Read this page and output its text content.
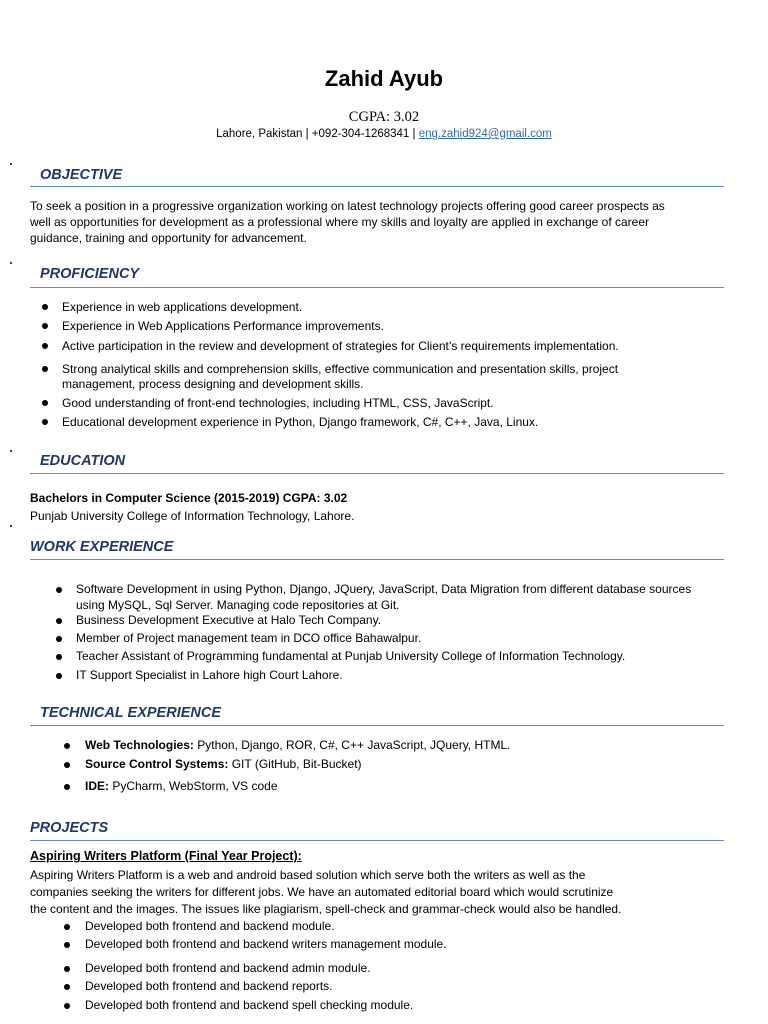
Zahid Ayub
CGPA: 3.02
Lahore, Pakistan | +092-304-1268341 | eng.zahid924@gmail.com
OBJECTIVE
To seek a position in a progressive organization working on latest technology projects offering good career prospects as
well as opportunities for development as a professional where my skills and loyalty are applied in exchange of career
guidance, training and opportunity for advancement.
PROFICIENCY
Experience in web applications development.
Experience in Web Applications Performance improvements.
Active participation in the review and development of strategies for Client’s requirements implementation.
Strong analytical skills and comprehension skills, effective communication and presentation skills, project
management, process designing and development skills.
Good understanding of front-end technologies, including HTML, CSS, JavaScript.
Educational development experience in Python, Django framework, C#, C++, Java, Linux.
EDUCATION
Bachelors in Computer Science (2015-2019) CGPA: 3.02
Punjab University College of Information Technology, Lahore.
WORK EXPERIENCE
Software Development in using Python, Django, JQuery, JavaScript, Data Migration from different database sources
using MySQL, Sql Server. Managing code repositories at Git.
Business Development Executive at Halo Tech Company.
Member of Project management team in DCO office Bahawalpur.
Teacher Assistant of Programming fundamental at Punjab University College of Information Technology.
IT Support Specialist in Lahore high Court Lahore.
TECHNICAL EXPERIENCE
Web Technologies: Python, Django, ROR, C#, C++ JavaScript, JQuery, HTML.
Source Control Systems: GIT (GitHub, Bit-Bucket)
IDE: PyCharm, WebStorm, VS code
PROJECTS
Aspiring Writers Platform (Final Year Project):
Aspiring Writers Platform is a web and android based solution which serve both the writers as well as the
companies seeking the writers for different jobs. We have an automated editorial board which would scrutinize
the content and the images. The issues like plagiarism, spell-check and grammar-check would also be handled.
Developed both frontend and backend module.
Developed both frontend and backend writers management module.
Developed both frontend and backend admin module.
Developed both frontend and backend reports.
Developed both frontend and backend spell checking module.
